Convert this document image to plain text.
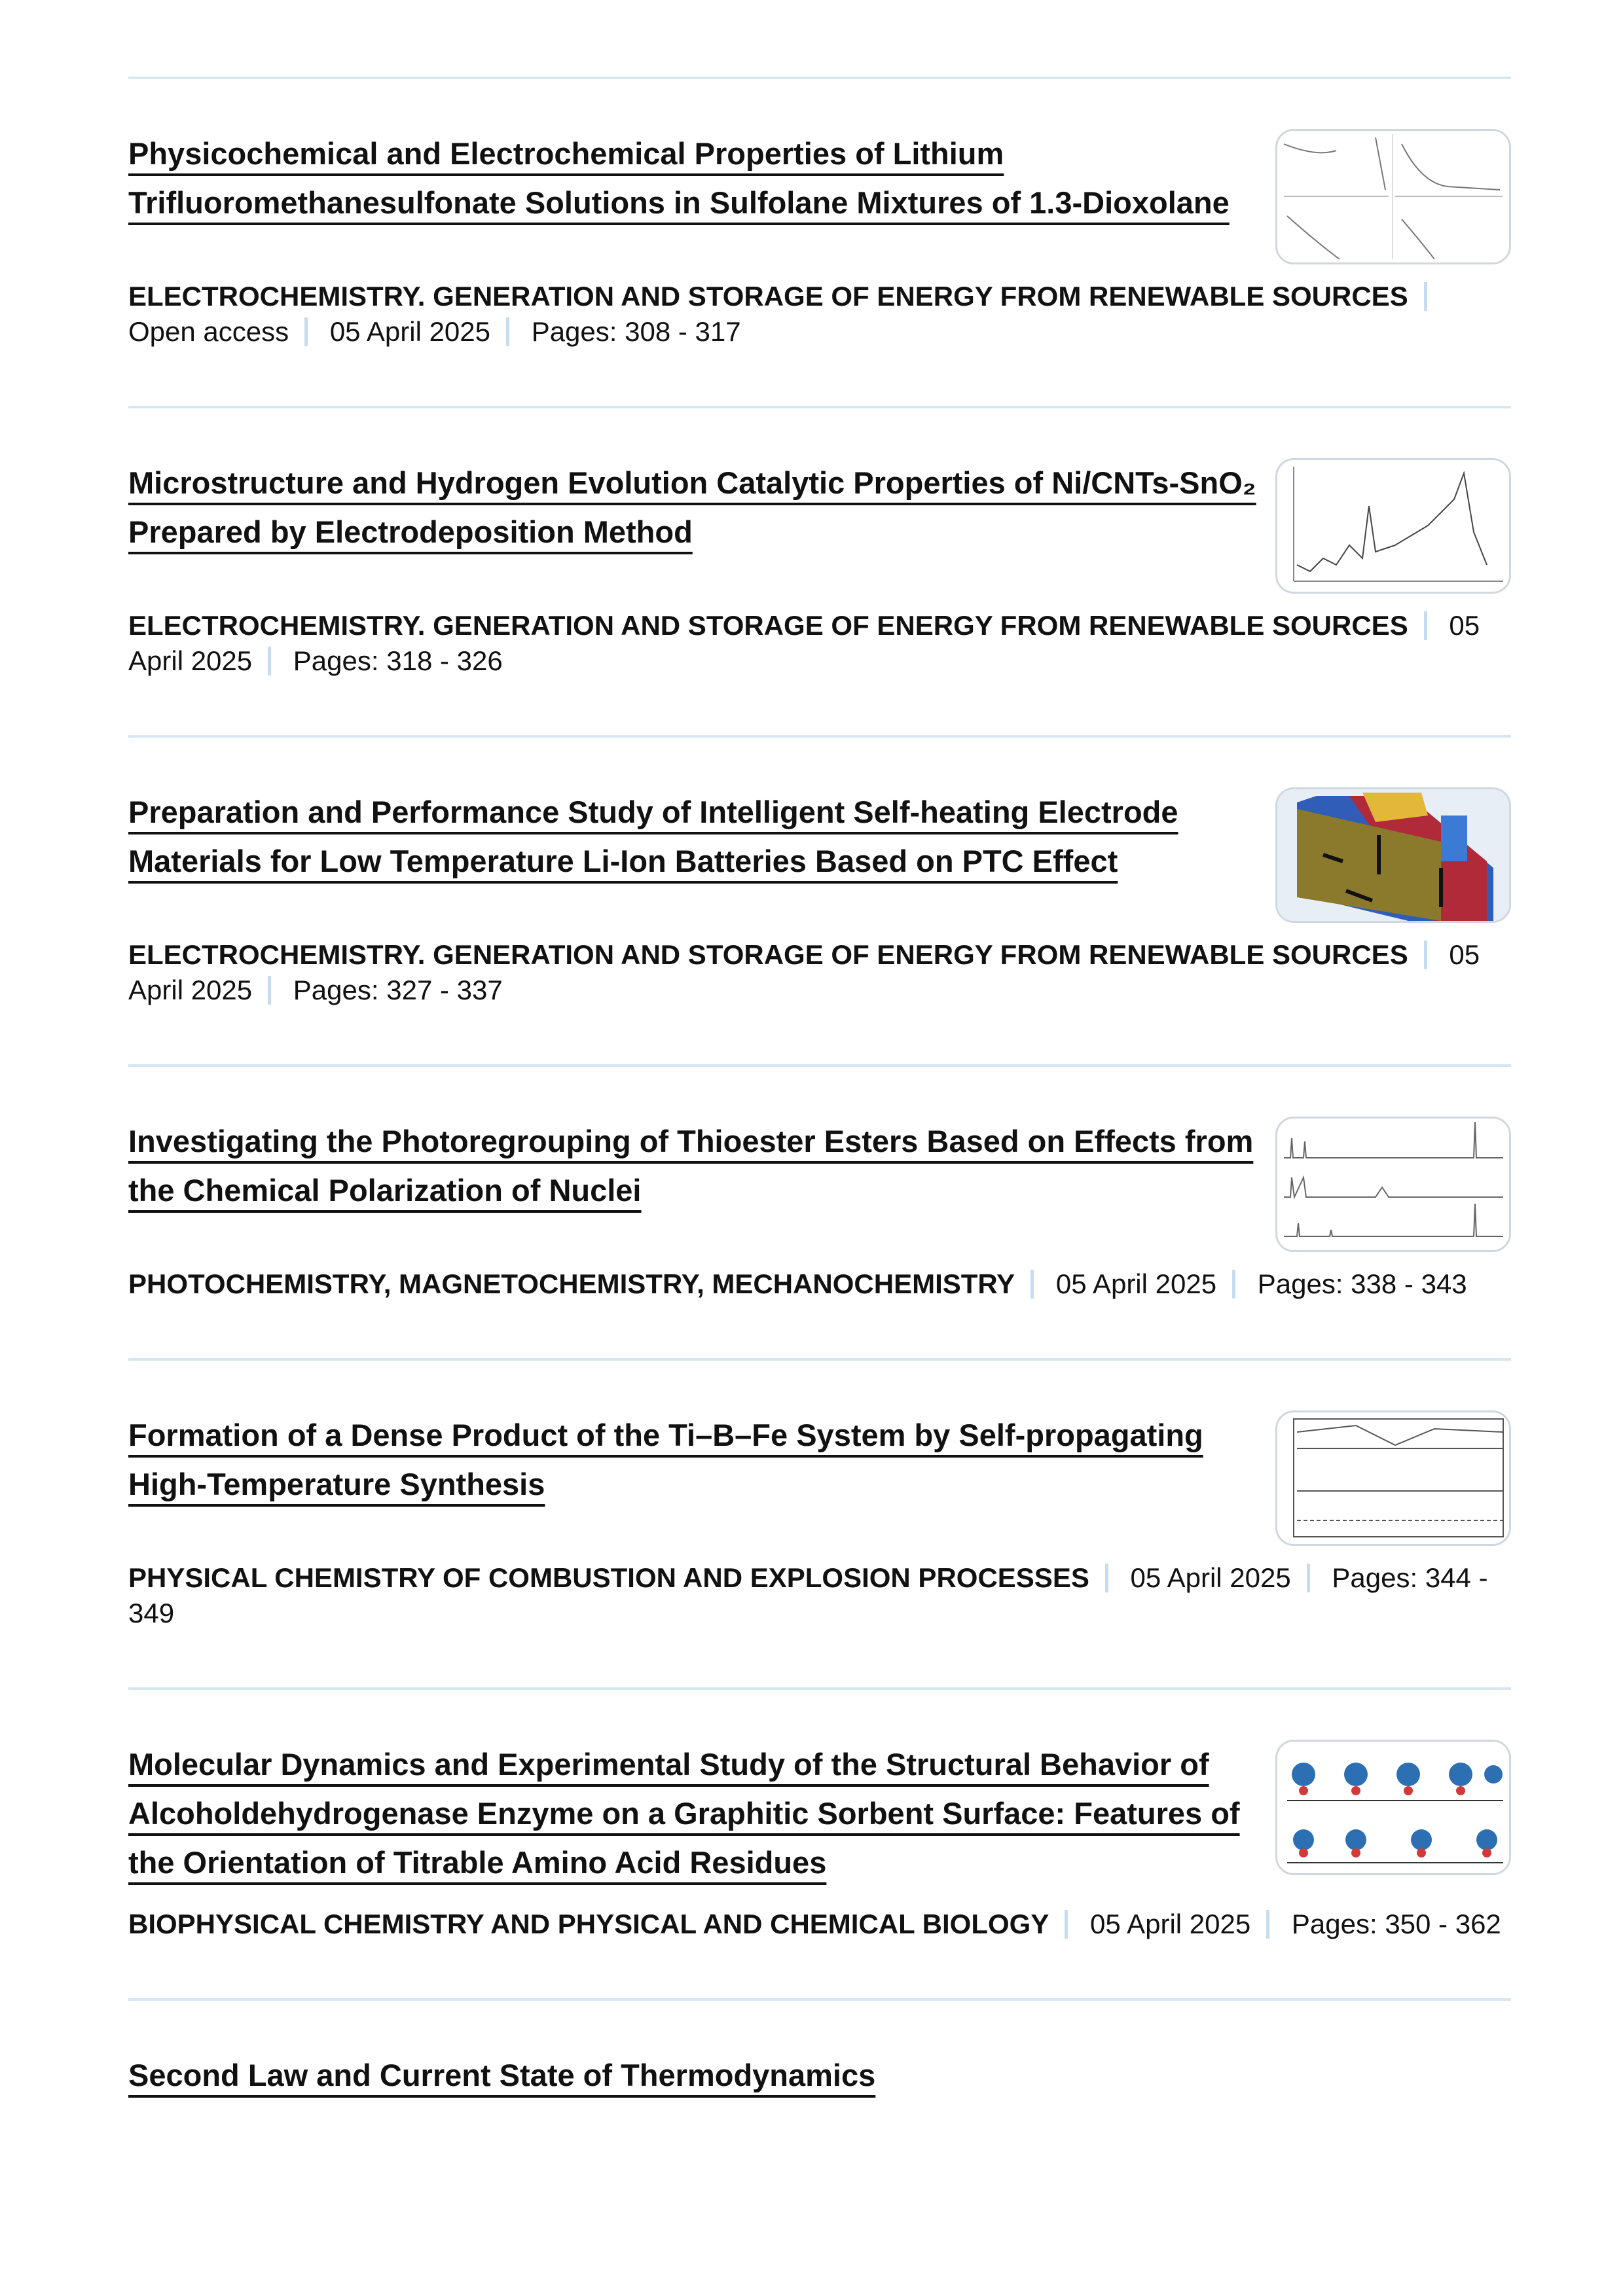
Physicochemical and Electrochemical Properties of Lithium Trifluoromethanesulfonate Solutions in Sulfolane Mixtures of 1.3-Dioxolane
ELECTROCHEMISTRY. GENERATION AND STORAGE OF ENERGY FROM RENEWABLE SOURCES Open access 05 April 2025 Pages: 308 - 317
Microstructure and Hydrogen Evolution Catalytic Properties of Ni/CNTs-SnO₂ Prepared by Electrodeposition Method
ELECTROCHEMISTRY. GENERATION AND STORAGE OF ENERGY FROM RENEWABLE SOURCES 05 April 2025 Pages: 318 - 326
Preparation and Performance Study of Intelligent Self-heating Electrode Materials for Low Temperature Li-Ion Batteries Based on PTC Effect
ELECTROCHEMISTRY. GENERATION AND STORAGE OF ENERGY FROM RENEWABLE SOURCES 05 April 2025 Pages: 327 - 337
Investigating the Photoregrouping of Thioester Esters Based on Effects from the Chemical Polarization of Nuclei
PHOTOCHEMISTRY, MAGNETOCHEMISTRY, MECHANOCHEMISTRY 05 April 2025 Pages: 338 - 343
Formation of a Dense Product of the Ti–B–Fe System by Self-propagating High-Temperature Synthesis
PHYSICAL CHEMISTRY OF COMBUSTION AND EXPLOSION PROCESSES 05 April 2025 Pages: 344 - 349
Molecular Dynamics and Experimental Study of the Structural Behavior of Alcoholdehydrogenase Enzyme on a Graphitic Sorbent Surface: Features of the Orientation of Titrable Amino Acid Residues
BIOPHYSICAL CHEMISTRY AND PHYSICAL AND CHEMICAL BIOLOGY 05 April 2025 Pages: 350 - 362
Second Law and Current State of Thermodynamics
